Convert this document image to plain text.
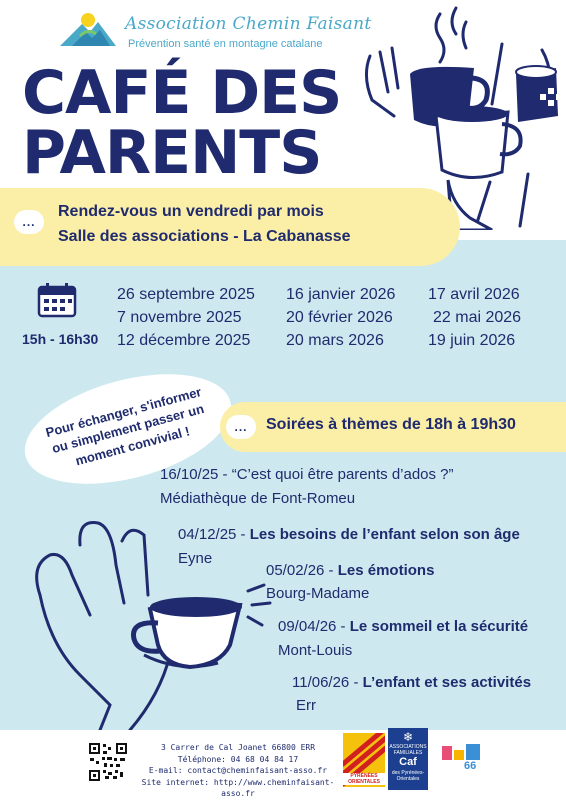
Association Chemin Faisant
Prévention santé en montagne catalane
CAFÉ DES
PARENTS
...
Rendez-vous un vendredi par mois
Salle des associations - La Cabanasse
15h - 16h30
26 septembre 2025
7 novembre 2025
12 décembre 2025
16 janvier 2026
20 février 2026
20 mars 2026
17 avril 2026
22 mai 2026
19 juin 2026
Pour échanger, s'informer ou simplement passer un moment convivial !	...	Soirées à thèmes de 18h à 19h30
16/10/25 - “C’est quoi être parents d’ados ?”
Médiathèque de Font-Romeu
04/12/25 - Les besoins de l’enfant selon son âge
Eyne
05/02/26 - Les émotions
Bourg-Madame
09/04/26 - Le sommeil et la sécurité
Mont-Louis
11/06/26 - L’enfant et ses activités
Err
3 Carrer de Cal Joanet 66800 ERR
Téléphone: 04 68 04 84 17
E-mail: contact@cheminfaisant-asso.fr
Site internet: http://www.cheminfaisant-asso.fr
PYRÉNÉES ORIENTALES
❄
ASSOCIATIONS FAMILIALES
Caf
des Pyrénées-Orientales
66
